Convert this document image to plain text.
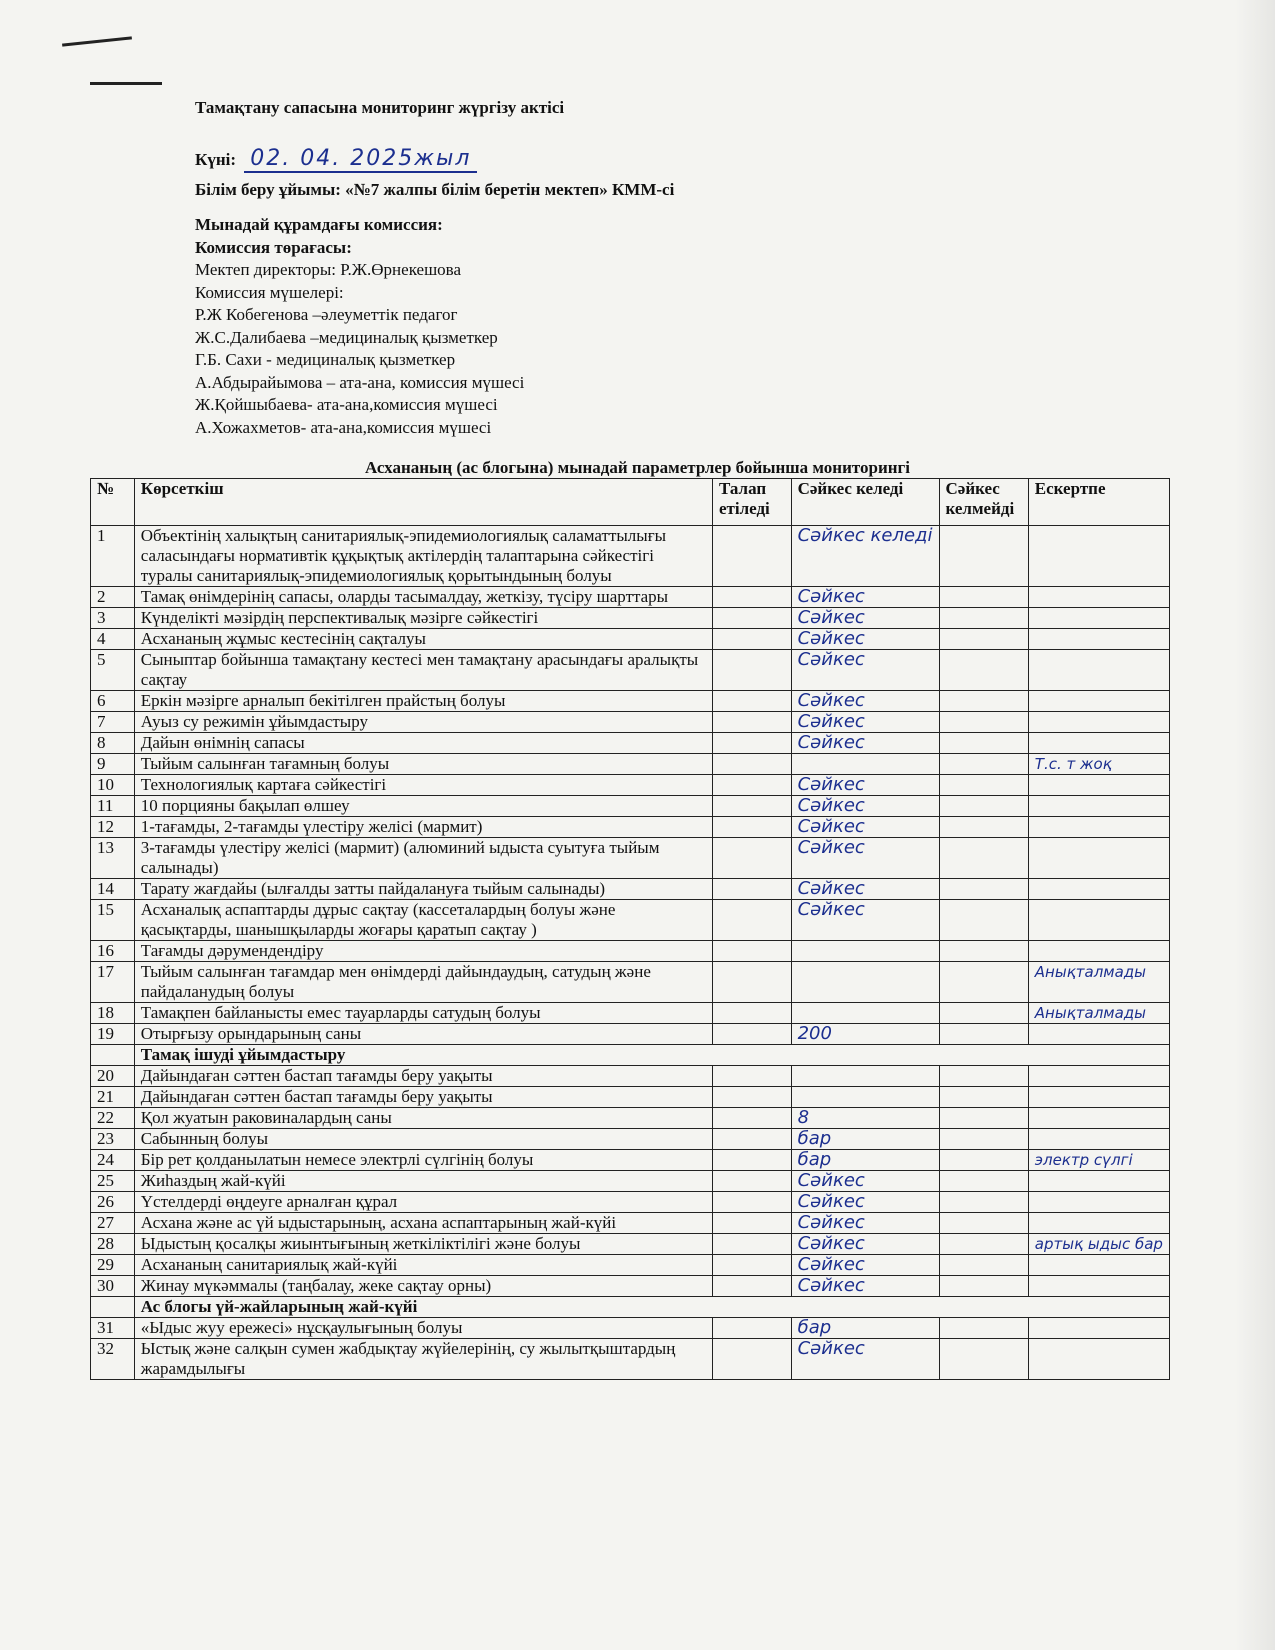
Тамақтану сапасына мониторинг жүргізу актісі
Күні: 02. 04. 2025жыл
Білім беру ұйымы: «№7 жалпы білім беретін мектеп» КММ-сі
Мынадай құрамдағы комиссия:
Комиссия төрағасы:
Мектеп директоры: Р.Ж.Өрнекешова
Комиссия мүшелері:
Р.Ж Кобегенова –әлеуметтік педагог
Ж.С.Далибаева –медициналық қызметкер
Г.Б. Сахи - медициналық қызметкер
А.Абдырайымова – ата-ана, комиссия мүшесі
Ж.Қойшыбаева- ата-ана,комиссия мүшесі
А.Хожахметов- ата-ана,комиссия мүшесі
Асхананың (ас блогына) мынадай параметрлер бойынша мониторингі
№	Көрсеткіш	Талап етіледі	Сәйкес келеді	Сәйкес келмейді	Ескертпе
1	Объектінің халықтың санитариялық-эпидемиологиялық саламаттылығы саласындағы нормативтік құқықтық актілердің талаптарына сәйкестігі туралы санитариялық-эпидемиологиялық қорытындының болуы		Сәйкес келеді		
2	Тамақ өнімдерінің сапасы, оларды тасымалдау, жеткізу, түсіру шарттары		Сәйкес		
3	Күнделікті мәзірдің перспективалық мәзірге сәйкестігі		Сәйкес		
4	Асхананың жұмыс кестесінің сақталуы		Сәйкес		
5	Сыныптар бойынша тамақтану кестесі мен тамақтану арасындағы аралықты сақтау		Сәйкес		
6	Еркін мәзірге арналып бекітілген прайстың болуы		Сәйкес		
7	Ауыз су режимін ұйымдастыру		Сәйкес		
8	Дайын өнімнің сапасы		Сәйкес		
9	Тыйым салынған тағамның болуы				Т.с. т жоқ
10	Технологиялық картаға сәйкестігі		Сәйкес		
11	10 порцияны бақылап өлшеу		Сәйкес		
12	1-тағамды, 2-тағамды үлестіру желісі (мармит)		Сәйкес		
13	3-тағамды үлестіру желісі (мармит) (алюминий ыдыста суытуға тыйым салынады)		Сәйкес		
14	Тарату жағдайы (ылғалды затты пайдалануға тыйым салынады)		Сәйкес		
15	Асханалық аспаптарды дұрыс сақтау (кассеталардың болуы және қасықтарды, шанышқыларды жоғары қаратып сақтау )		Сәйкес		
16	Тағамды дәрумендендіру				
17	Тыйым салынған тағамдар мен өнімдерді дайындаудың, сатудың және пайдаланудың болуы				Анықталмады
18	Тамақпен байланысты емес тауарларды сатудың болуы				Анықталмады
19	Отырғызу орындарының саны		200		
	Тамақ ішуді ұйымдастыру				
20	Дайындаған сәттен бастап тағамды беру уақыты				
21	Дайындаған сәттен бастап тағамды беру уақыты				
22	Қол жуатын раковиналардың саны		8		
23	Сабынның болуы		бар		
24	Бір рет қолданылатын немесе электрлі сүлгінің болуы		бар		электр сүлгі
25	Жиһаздың жай-күйі		Сәйкес		
26	Үстелдерді өңдеуге арналған құрал		Сәйкес		
27	Асхана және ас үй ыдыстарының, асхана аспаптарының жай-күйі		Сәйкес		
28	Ыдыстың қосалқы жиынтығының жеткіліктілігі және болуы		Сәйкес		артық ыдыс бар
29	Асхананың санитариялық жай-күйі		Сәйкес		
30	Жинау мүкәммалы (таңбалау, жеке сақтау орны)		Сәйкес		
	Ас блогы үй-жайларының жай-күйі				
31	«Ыдыс жуу ережесі» нұсқаулығының болуы		бар		
32	Ыстық және салқын сумен жабдықтау жүйелерінің, су жылытқыштардың жарамдылығы		Сәйкес		
